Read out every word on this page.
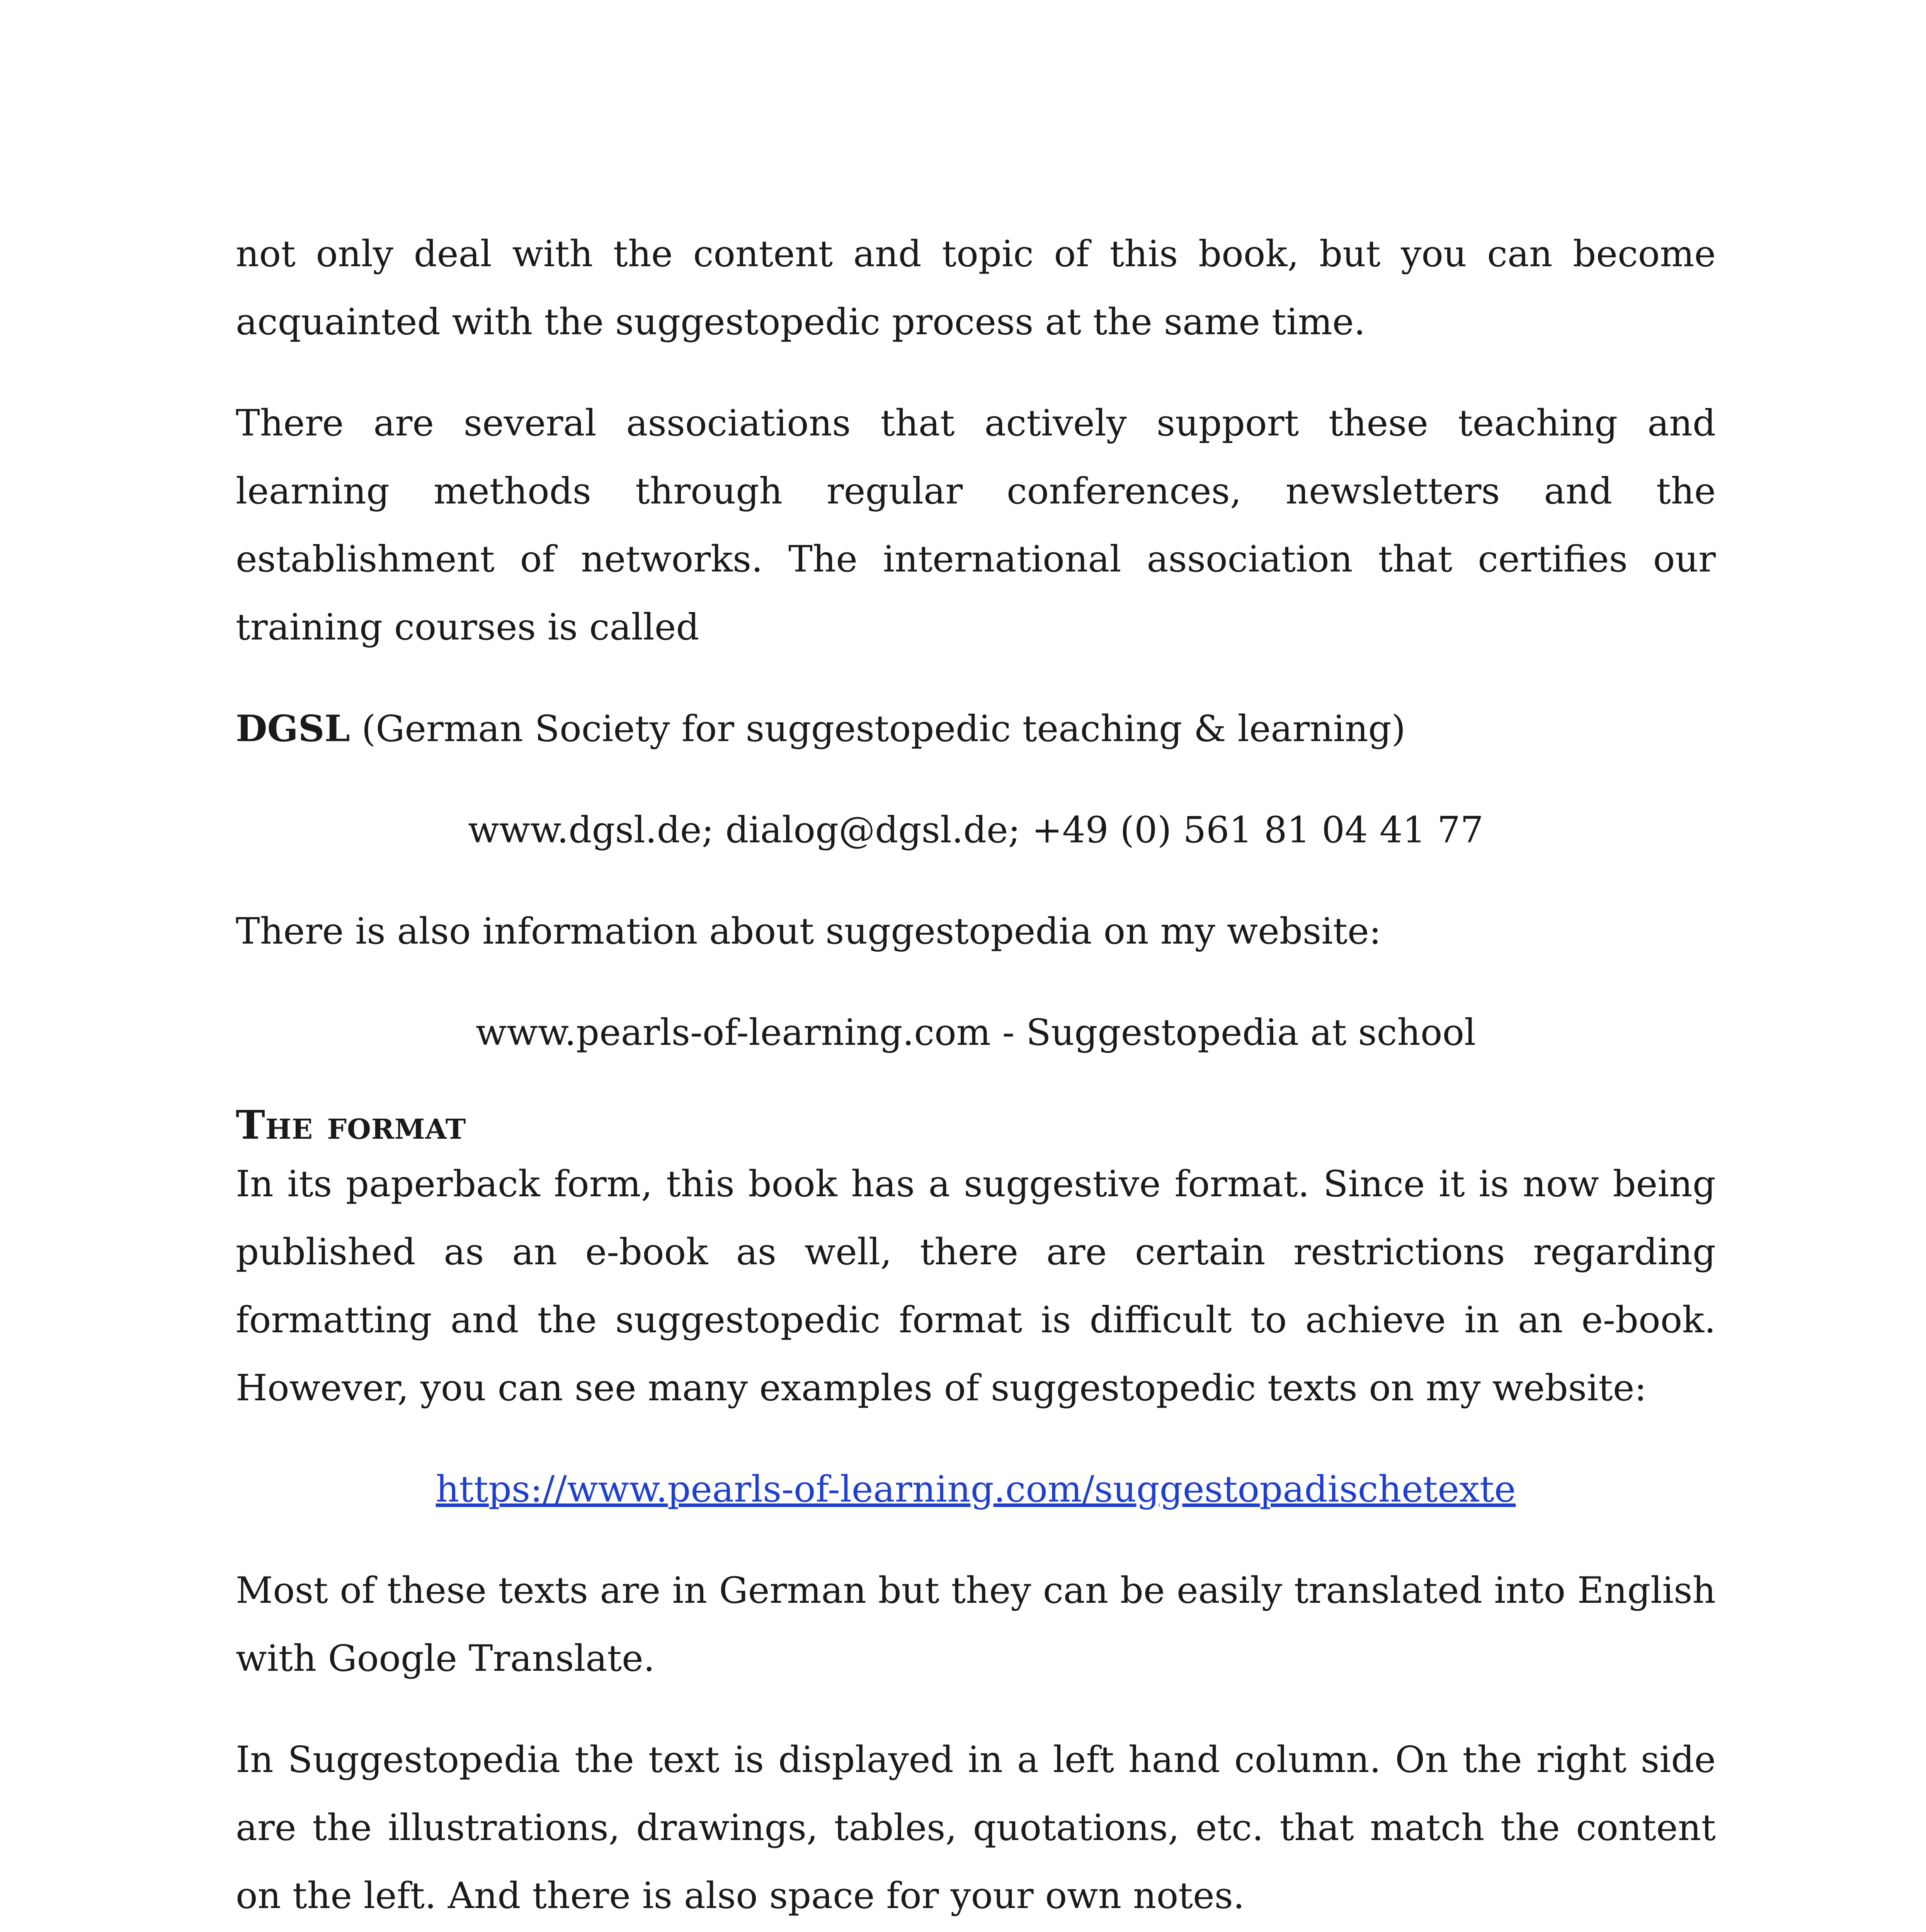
not only deal with the content and topic of this book, but you can become acquainted with the suggestopedic process at the same time.

There are several associations that actively support these teaching and learning methods through regular conferences, newsletters and the establishment of networks. The international association that certifies our training courses is called

DGSL (German Society for suggestopedic teaching & learning)

www.dgsl.de; dialog@dgsl.de; +49 (0) 561 81 04 41 77

There is also information about suggestopedia on my website:

www.pearls-of-learning.com - Suggestopedia at school

The format

In its paperback form, this book has a suggestive format. Since it is now being published as an e-book as well, there are certain restrictions regarding formatting and the suggestopedic format is difficult to achieve in an e-book. However, you can see many examples of suggestopedic texts on my website:

https://www.pearls-of-learning.com/suggestopadischetexte

Most of these texts are in German but they can be easily translated into English with Google Translate.

In Suggestopedia the text is displayed in a left hand column. On the right side are the illustrations, drawings, tables, quotations, etc. that match the content on the left. And there is also space for your own notes.
